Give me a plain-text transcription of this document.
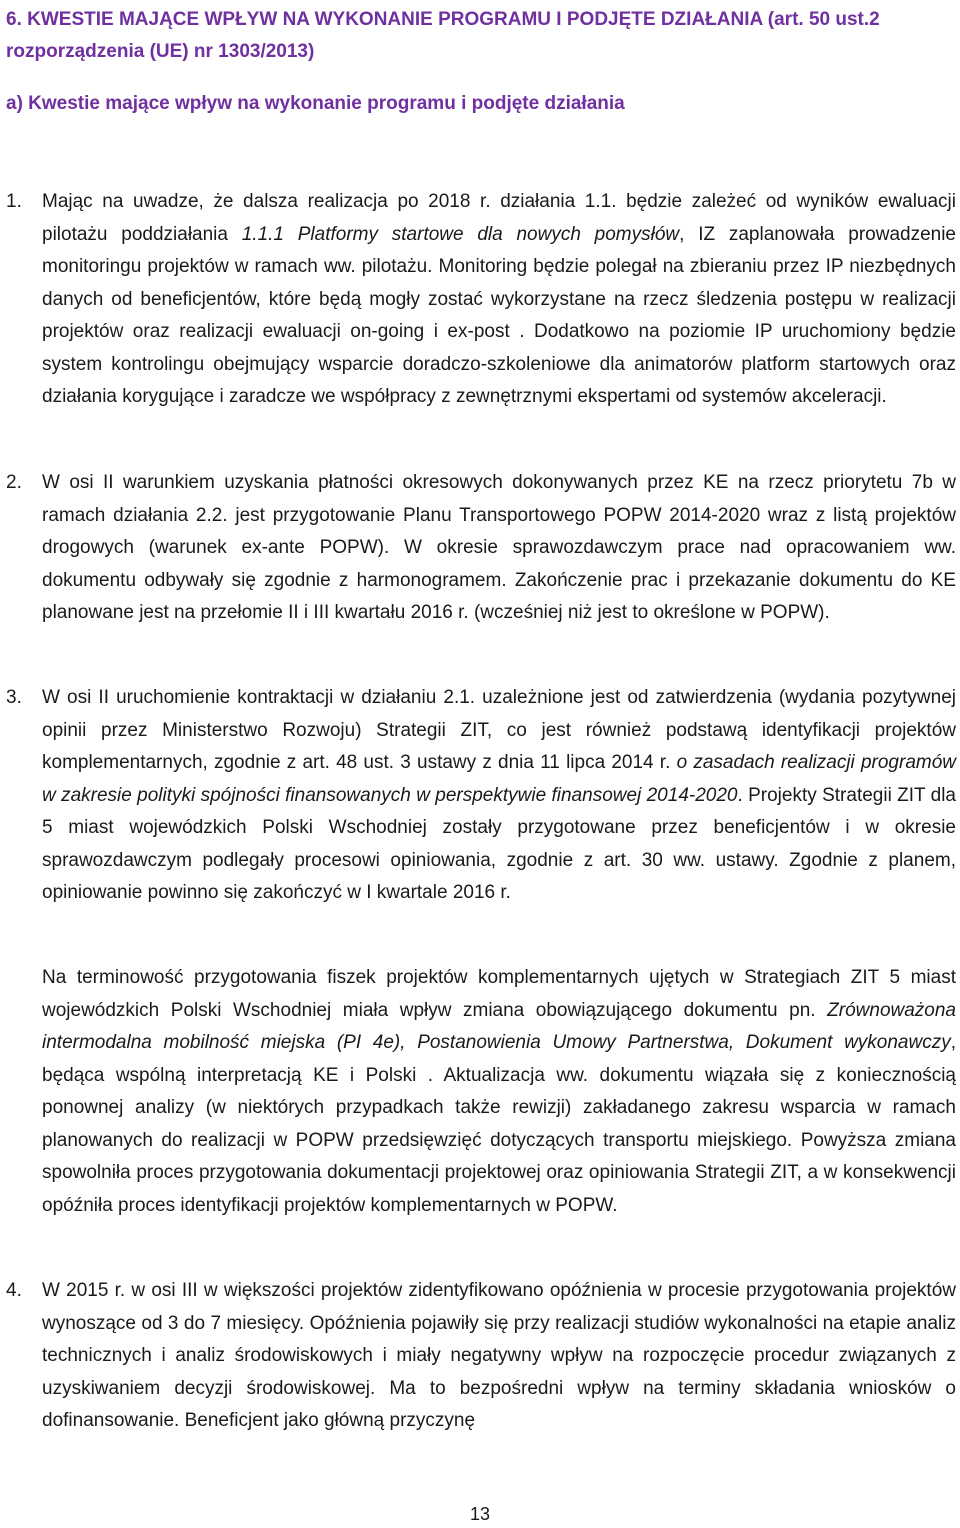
6. KWESTIE MAJĄCE WPŁYW NA WYKONANIE PROGRAMU I PODJĘTE DZIAŁANIA (art. 50 ust.2 rozporządzenia (UE) nr 1303/2013)
a) Kwestie mające wpływ na wykonanie programu i podjęte działania
1. Mając na uwadze, że dalsza realizacja po 2018 r. działania 1.1. będzie zależeć od wyników ewaluacji pilotażu poddziałania 1.1.1 Platformy startowe dla nowych pomysłów, IZ zaplanowała prowadzenie monitoringu projektów w ramach ww. pilotażu. Monitoring będzie polegał na zbieraniu przez IP niezbędnych danych od beneficjentów, które będą mogły zostać wykorzystane na rzecz śledzenia postępu w realizacji projektów oraz realizacji ewaluacji on-going i ex-post . Dodatkowo na poziomie IP uruchomiony będzie system kontrolingu obejmujący wsparcie doradczo-szkoleniowe dla animatorów platform startowych oraz działania korygujące i zaradcze we współpracy z zewnętrznymi ekspertami od systemów akceleracji.
2. W osi II warunkiem uzyskania płatności okresowych dokonywanych przez KE na rzecz priorytetu 7b w ramach działania 2.2. jest przygotowanie Planu Transportowego POPW 2014-2020 wraz z listą projektów drogowych (warunek ex-ante POPW). W okresie sprawozdawczym prace nad opracowaniem ww. dokumentu odbywały się zgodnie z harmonogramem. Zakończenie prac i przekazanie dokumentu do KE planowane jest na przełomie II i III kwartału 2016 r. (wcześniej niż jest to określone w POPW).
3. W osi II uruchomienie kontraktacji w działaniu 2.1. uzależnione jest od zatwierdzenia (wydania pozytywnej opinii przez Ministerstwo Rozwoju) Strategii ZIT, co jest również podstawą identyfikacji projektów komplementarnych, zgodnie z art. 48 ust. 3 ustawy z dnia 11 lipca 2014 r. o zasadach realizacji programów w zakresie polityki spójności finansowanych w perspektywie finansowej 2014-2020. Projekty Strategii ZIT dla 5 miast wojewódzkich Polski Wschodniej zostały przygotowane przez beneficjentów i w okresie sprawozdawczym podlegały procesowi opiniowania, zgodnie z art. 30 ww. ustawy. Zgodnie z planem, opiniowanie powinno się zakończyć w I kwartale 2016 r.
Na terminowość przygotowania fiszek projektów komplementarnych ujętych w Strategiach ZIT 5 miast wojewódzkich Polski Wschodniej miała wpływ zmiana obowiązującego dokumentu pn. Zrównoważona intermodalna mobilność miejska (PI 4e), Postanowienia Umowy Partnerstwa, Dokument wykonawczy, będąca wspólną interpretacją KE i Polski . Aktualizacja ww. dokumentu wiązała się z koniecznością ponownej analizy (w niektórych przypadkach także rewizji) zakładanego zakresu wsparcia w ramach planowanych do realizacji w POPW przedsięwzięć dotyczących transportu miejskiego. Powyższa zmiana spowolniła proces przygotowania dokumentacji projektowej oraz opiniowania Strategii ZIT, a w konsekwencji opóźniła proces identyfikacji projektów komplementarnych w POPW.
4. W 2015 r. w osi III w większości projektów zidentyfikowano opóźnienia w procesie przygotowania projektów wynoszące od 3 do 7 miesięcy. Opóźnienia pojawiły się przy realizacji studiów wykonalności na etapie analiz technicznych i analiz środowiskowych i miały negatywny wpływ na rozpoczęcie procedur związanych z uzyskiwaniem decyzji środowiskowej. Ma to bezpośredni wpływ na terminy składania wniosków o dofinansowanie. Beneficjent jako główną przyczynę
13
